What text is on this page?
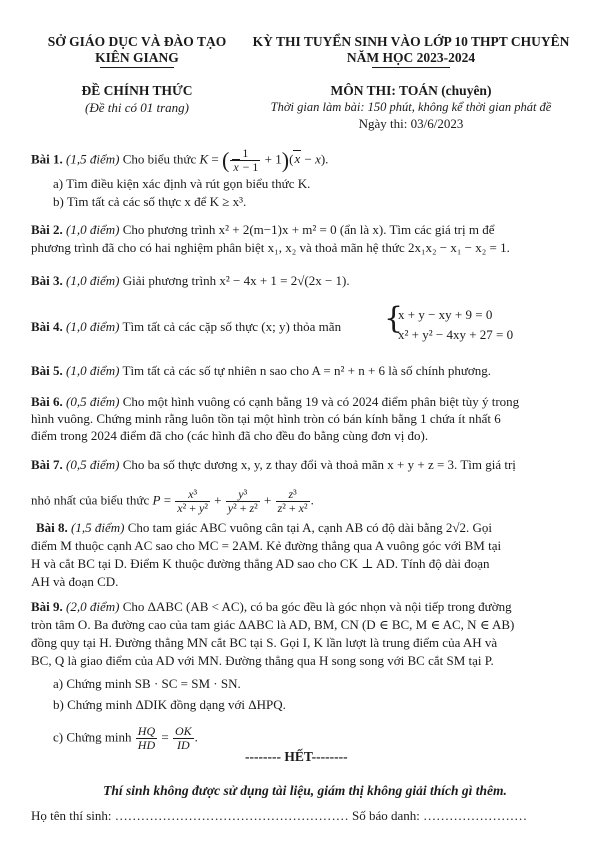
SỞ GIÁO DỤC VÀ ĐÀO TẠO
KIÊN GIANG
KỲ THI TUYỂN SINH VÀO LỚP 10 THPT CHUYÊN
NĂM HỌC 2023-2024
ĐỀ CHÍNH THỨC
(Đề thi có 01 trang)
MÔN THI: TOÁN (chuyên)
Thời gian làm bài: 150 phút, không kể thời gian phát đề
Ngày thi: 03/6/2023
Bài 1. (1,5 điểm) Cho biểu thức K = ( $\frac{1}{x - 1} + 1)(x - x)$.
a) Tìm điều kiện xác định và rút gọn biểu thức K.
b) Tìm tất cả các số thực x để K ≥ x³.
Bài 2. (1,0 điểm) Cho phương trình x² + 2(m−1)x + m² = 0 (ẩn là x). Tìm các giá trị m để
phương trình đã cho có hai nghiệm phân biệt x₁, x₂ và thoả mãn hệ thức 2x₁x₂ − x₁ − x₂ = 1.
Bài 3. (1,0 điểm) Giải phương trình x² − 4x + 1 = 2√(2x − 1).
Bài 4. (1,0 điểm) Tìm tất cả các cặp số thực (x; y) thỏa mãn {
x + y − xy + 9 = 0
x² + y² − 4xy + 27 = 0
Bài 5. (1,0 điểm) Tìm tất cả các số tự nhiên n sao cho A = n² + n + 6 là số chính phương.
Bài 6. (0,5 điểm) Cho một hình vuông có cạnh bằng 19 và có 2024 điểm phân biệt tùy ý trong
hình vuông. Chứng minh rằng luôn tồn tại một hình tròn có bán kính bằng 1 chứa ít nhất 6
điểm trong 2024 điểm đã cho (các hình đã cho đều đo bằng cùng đơn vị đo).
Bài 7. (0,5 điểm) Cho ba số thực dương x, y, z thay đổi và thoả mãn x + y + z = 3. Tìm giá trị
nhỏ nhất của biểu thức $P = \frac{\text{x³}}{\text{x² + y²}} + \frac{\text{y³}}{\text{y² + z²}} + \frac{\text{z³}}{\text{z² + x²}}$ .
Bài 8. (1,5 điểm) Cho tam giác ABC vuông cân tại A, cạnh AB có độ dài bằng 2√2. Gọi
điểm M thuộc cạnh AC sao cho MC = 2AM. Kẻ đường thẳng qua A vuông góc với BM tại
H và cắt BC tại D. Điểm K thuộc đường thẳng AD sao cho CK ⊥ AD. Tính độ dài đoạn
AH và đoạn CD.
Bài 9. (2,0 điểm) Cho ΔABC (AB < AC), có ba góc đều là góc nhọn và nội tiếp trong đường
tròn tâm O. Ba đường cao của tam giác ΔABC là AD, BM, CN (D ∈ BC, M ∈ AC, N ∈ AB)
đồng quy tại H. Đường thẳng MN cắt BC tại S. Gọi I, K lần lượt là trung điểm của AH và
BC, Q là giao điểm của AD với MN. Đường thẳng qua H song song với BC cắt SM tại P.
a) Chứng minh SB · SC = SM · SN.
b) Chứng minh ΔDIK đồng dạng với ΔHPQ.
c) Chứng minh $\frac{HQ}{HD} = \frac{OK}{ID}$ .
-------- HẾT--------
Thí sinh không được sử dụng tài liệu, giám thị không giải thích gì thêm.
Họ tên thí sinh: ……………………………………………… Số báo danh: ……………………
